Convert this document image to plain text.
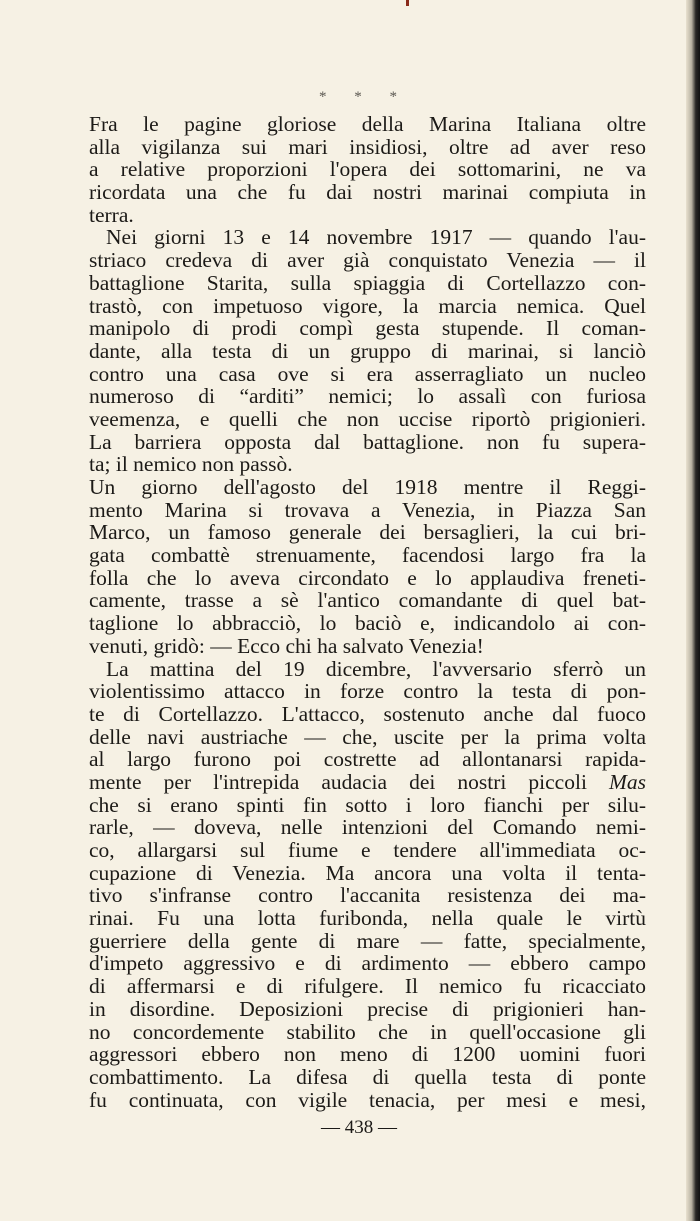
* * *
Fra le pagine gloriose della Marina Italiana oltre
alla vigilanza sui mari insidiosi, oltre ad aver reso
a relative proporzioni l'opera dei sottomarini, ne va
ricordata una che fu dai nostri marinai compiuta in
terra.
Nei giorni 13 e 14 novembre 1917 — quando l'au-
striaco credeva di aver già conquistato Venezia — il
battaglione Starita, sulla spiaggia di Cortellazzo con-
trastò, con impetuoso vigore, la marcia nemica. Quel
manipolo di prodi compì gesta stupende. Il coman-
dante, alla testa di un gruppo di marinai, si lanciò
contro una casa ove si era asserragliato un nucleo
numeroso di “arditi” nemici; lo assalì con furiosa
veemenza, e quelli che non uccise riportò prigionieri.
La barriera opposta dal battaglione. non fu supera-
ta; il nemico non passò.
Un giorno dell'agosto del 1918 mentre il Reggi-
mento Marina si trovava a Venezia, in Piazza San
Marco, un famoso generale dei bersaglieri, la cui bri-
gata combattè strenuamente, facendosi largo fra la
folla che lo aveva circondato e lo applaudiva freneti-
camente, trasse a sè l'antico comandante di quel bat-
taglione lo abbracciò, lo baciò e, indicandolo ai con-
venuti, gridò: — Ecco chi ha salvato Venezia!
La mattina del 19 dicembre, l'avversario sferrò un
violentissimo attacco in forze contro la testa di pon-
te di Cortellazzo. L'attacco, sostenuto anche dal fuoco
delle navi austriache — che, uscite per la prima volta
al largo furono poi costrette ad allontanarsi rapida-
mente per l'intrepida audacia dei nostri piccoli Mas
che si erano spinti fin sotto i loro fianchi per silu-
rarle, — doveva, nelle intenzioni del Comando nemi-
co, allargarsi sul fiume e tendere all'immediata oc-
cupazione di Venezia. Ma ancora una volta il tenta-
tivo s'infranse contro l'accanita resistenza dei ma-
rinai. Fu una lotta furibonda, nella quale le virtù
guerriere della gente di mare — fatte, specialmente,
d'impeto aggressivo e di ardimento — ebbero campo
di affermarsi e di rifulgere. Il nemico fu ricacciato
in disordine. Deposizioni precise di prigionieri han-
no concordemente stabilito che in quell'occasione gli
aggressori ebbero non meno di 1200 uomini fuori
combattimento. La difesa di quella testa di ponte
fu continuata, con vigile tenacia, per mesi e mesi,
— 438 —
